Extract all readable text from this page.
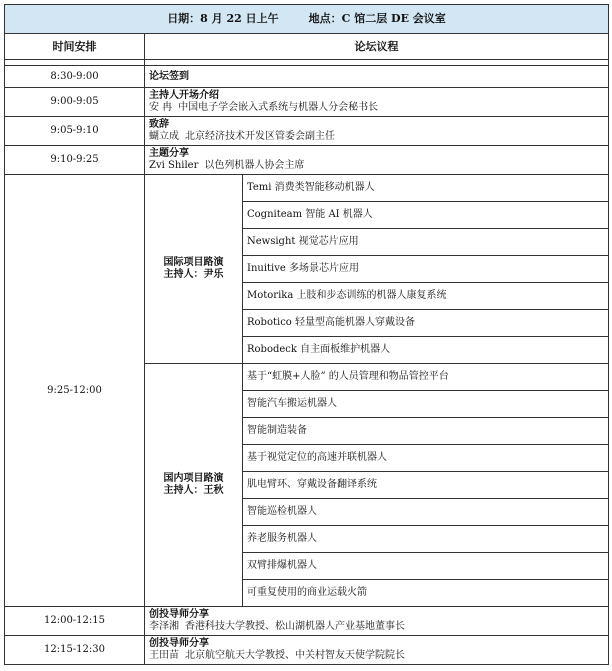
日期：8 月 22 日上午 地点：C 馆二层 DE 会议室		
时间安排	论坛议程	

8:30-9:00	论坛签到	
9:00-9:05	主持人开场介绍
安 冉 中国电子学会嵌入式系统与机器人分会秘书长	

9:05-9:10	致辞
蝴立成 北京经济技术开发区管委会副主任	

9:10-9:25	主题分享
Zvi Shiler 以色列机器人协会主席	

9:25-12:00	国际项目路演
主持人：尹乐	Temi 消费类智能移动机器人
		Cogniteam 智能 AI 机器人
		Newsight 视觉芯片应用
		Inuitive 多场景芯片应用
		Motorika 上肢和步态训练的机器人康复系统
		Robotico 轻量型高能机器人穿戴设备
		Robodeck 自主面板维护机器人

	国内项目路演
主持人：王秋	基于“虹膜+人脸” 的人员管理和物品管控平台
		智能汽车搬运机器人
		智能制造装备
		基于视觉定位的高速并联机器人
		肌电臂环、穿戴设备翻译系统
		智能巡检机器人
		养老服务机器人
		双臂排爆机器人
		可重复使用的商业运载火箭
12:00-12:15	创投导师分享
李泽湘 香港科技大学教授、松山湖机器人产业基地董事长	

12:15-12:30	创投导师分享
王田苗 北京航空航天大学教授、中关村智友天使学院院长	
